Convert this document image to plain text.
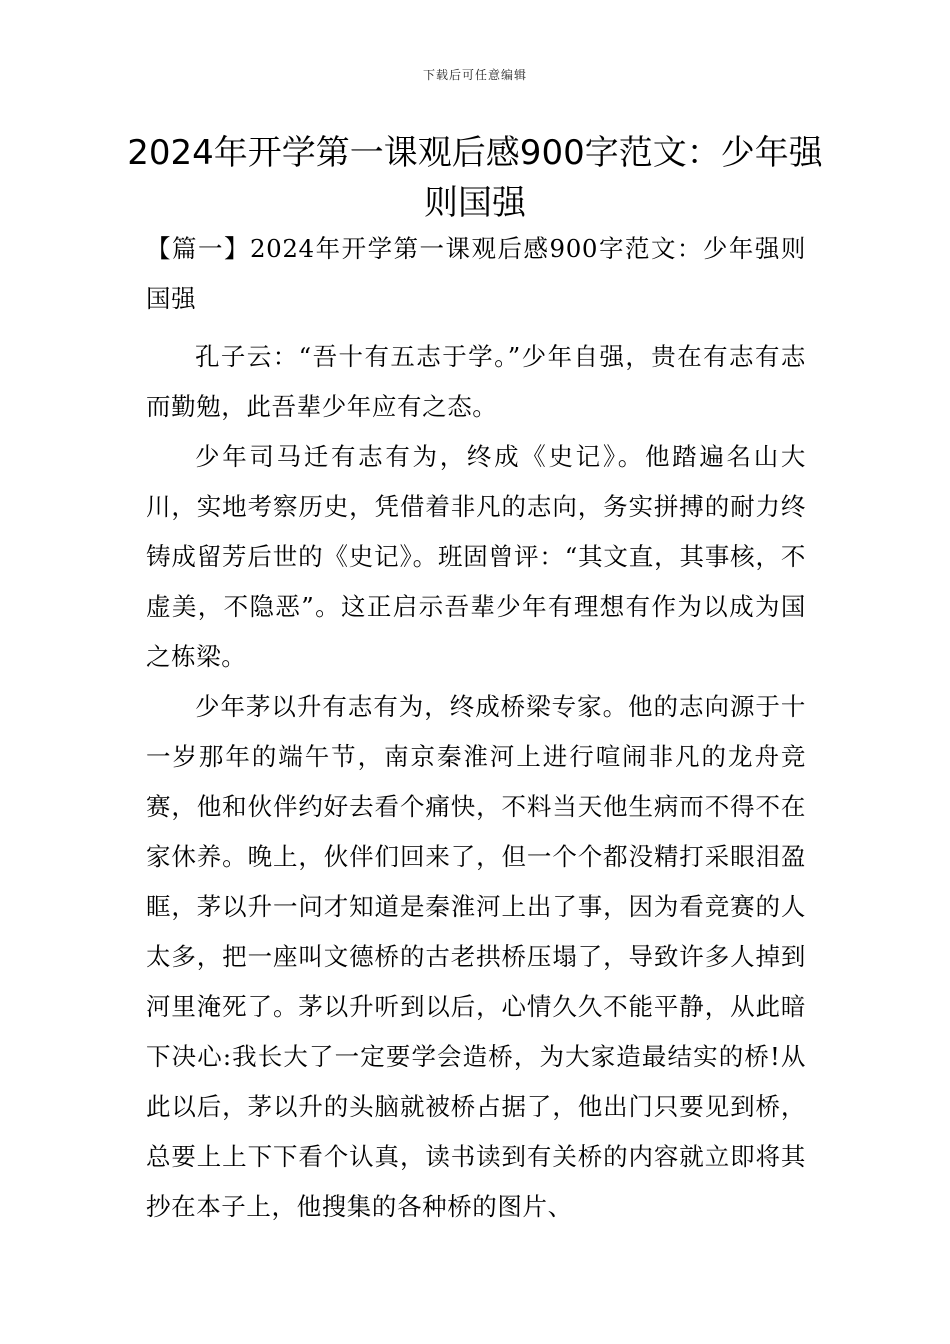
下载后可任意编辑
2024年开学第一课观后感900字范文：少年强则国强

【篇一】2024年开学第一课观后感900字范文：少年强则国强

孔子云：“吾十有五志于学。”少年自强，贵在有志有志而勤勉，此吾辈少年应有之态。

少年司马迁有志有为，终成《史记》。他踏遍名山大川，实地考察历史，凭借着非凡的志向，务实拼搏的耐力终铸成留芳后世的《史记》。班固曾评：“其文直，其事核，不虚美，不隐恶”。这正启示吾辈少年有理想有作为以成为国之栋梁。

少年茅以升有志有为，终成桥梁专家。他的志向源于十一岁那年的端午节，南京秦淮河上进行喧闹非凡的龙舟竞赛，他和伙伴约好去看个痛快，不料当天他生病而不得不在家休养。晚上，伙伴们回来了，但一个个都没精打采眼泪盈眶，茅以升一问才知道是秦淮河上出了事，因为看竞赛的人太多，把一座叫文德桥的古老拱桥压塌了，导致许多人掉到河里淹死了。茅以升听到以后，心情久久不能平静，从此暗下决心:我长大了一定要学会造桥，为大家造最结实的桥!从此以后，茅以升的头脑就被桥占据了，他出门只要见到桥，总要上上下下看个认真，读书读到有关桥的内容就立即将其抄在本子上，他搜集的各种桥的图片、
